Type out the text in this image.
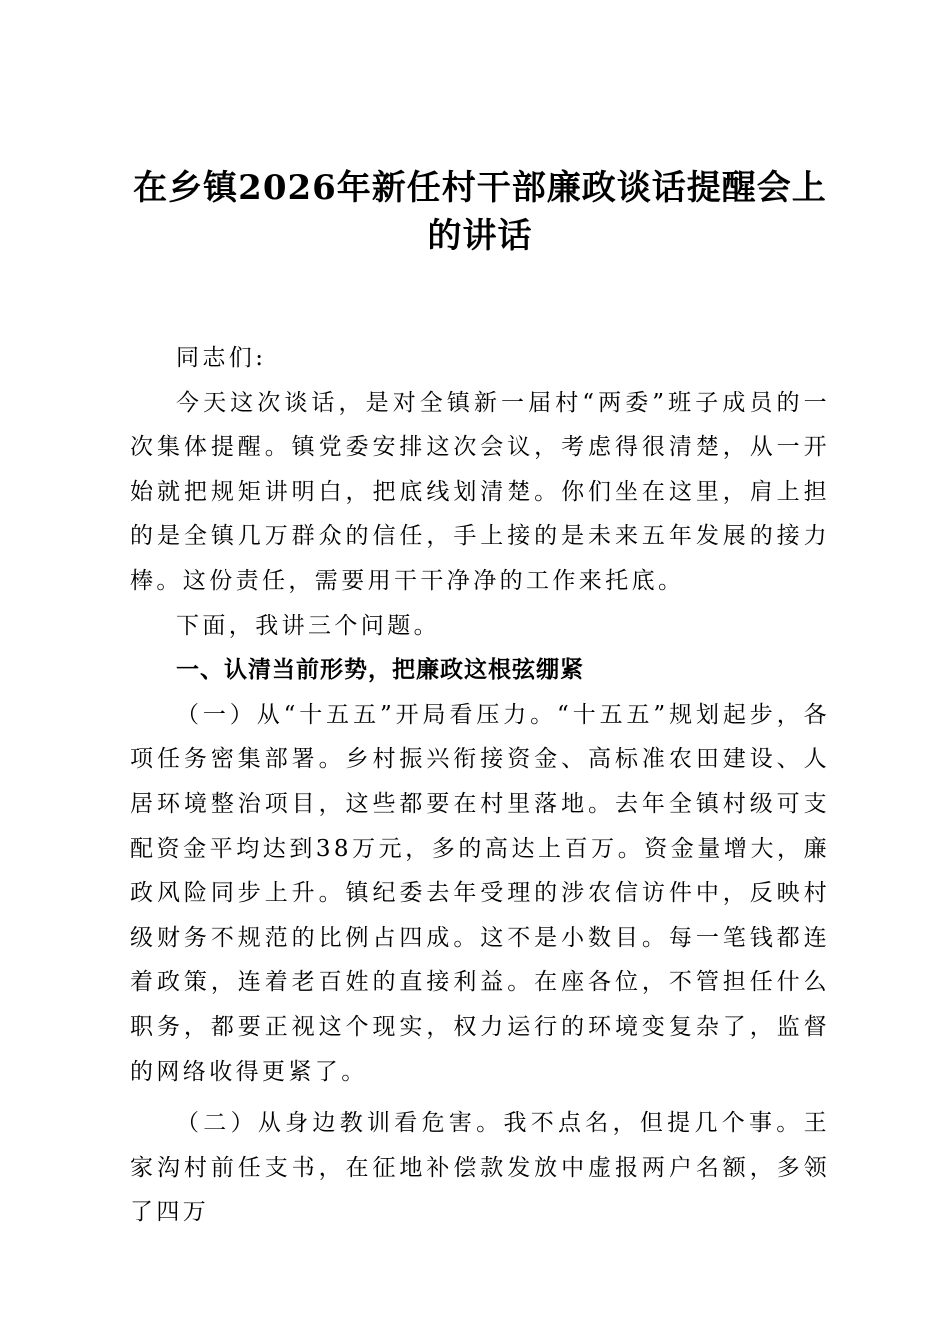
在乡镇2026年新任村干部廉政谈话提醒会上
的讲话

同志们:

今天这次谈话，是对全镇新一届村“两委”班子成员的一次集体提醒。镇党委安排这次会议，考虑得很清楚，从一开始就把规矩讲明白，把底线划清楚。你们坐在这里，肩上担的是全镇几万群众的信任，手上接的是未来五年发展的接力棒。这份责任，需要用干干净净的工作来托底。

下面，我讲三个问题。

一、认清当前形势，把廉政这根弦绷紧

（一）从“十五五”开局看压力。“十五五”规划起步，各项任务密集部署。乡村振兴衔接资金、高标准农田建设、人居环境整治项目，这些都要在村里落地。去年全镇村级可支配资金平均达到38万元，多的高达上百万。资金量增大，廉政风险同步上升。镇纪委去年受理的涉农信访件中，反映村级财务不规范的比例占四成。这不是小数目。每一笔钱都连着政策，连着老百姓的直接利益。在座各位，不管担任什么职务，都要正视这个现实，权力运行的环境变复杂了，监督的网络收得更紧了。

（二）从身边教训看危害。我不点名，但提几个事。王家沟村前任支书，在征地补偿款发放中虚报两户名额，多领了四万
